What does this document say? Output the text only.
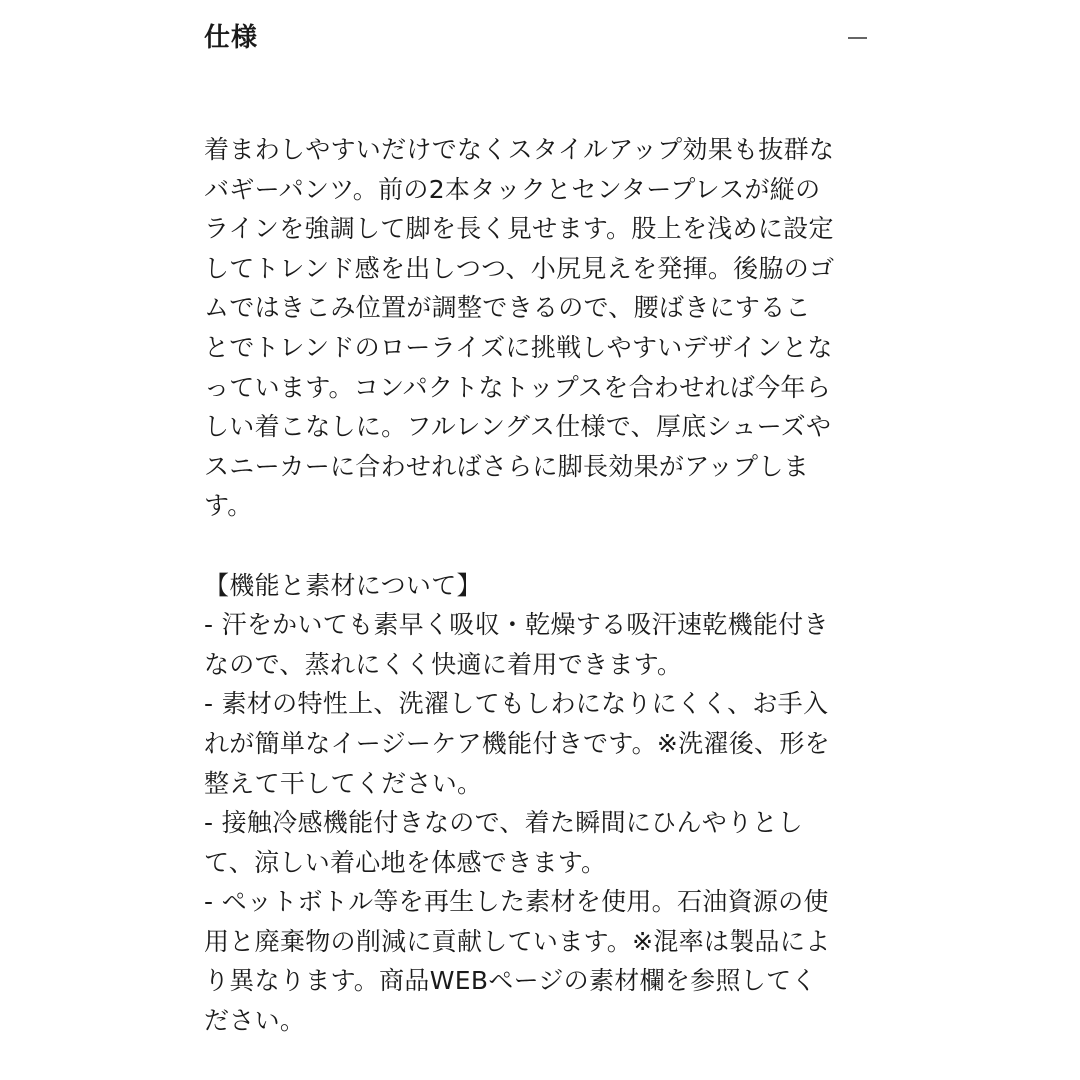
仕様
着まわしやすいだけでなくスタイルアップ効果も抜群な
バギーパンツ。前の2本タックとセンタープレスが縦の
ラインを強調して脚を長く見せます。股上を浅めに設定
してトレンド感を出しつつ、小尻見えを発揮。後脇のゴ
ムではきこみ位置が調整できるので、腰ばきにするこ
とでトレンドのローライズに挑戦しやすいデザインとな
っています。コンパクトなトップスを合わせれば今年ら
しい着こなしに。フルレングス仕様で、厚底シューズや
スニーカーに合わせればさらに脚長効果がアップしま
す。
【機能と素材について】
- 汗をかいても素早く吸収・乾燥する吸汗速乾機能付き
なので、蒸れにくく快適に着用できます。
- 素材の特性上、洗濯してもしわになりにくく、お手入
れが簡単なイージーケア機能付きです。※洗濯後、形を
整えて干してください。
- 接触冷感機能付きなので、着た瞬間にひんやりとし
て、涼しい着心地を体感できます。
- ペットボトル等を再生した素材を使用。石油資源の使
用と廃棄物の削減に貢献しています。※混率は製品によ
り異なります。商品WEBページの素材欄を参照してく
ださい。
